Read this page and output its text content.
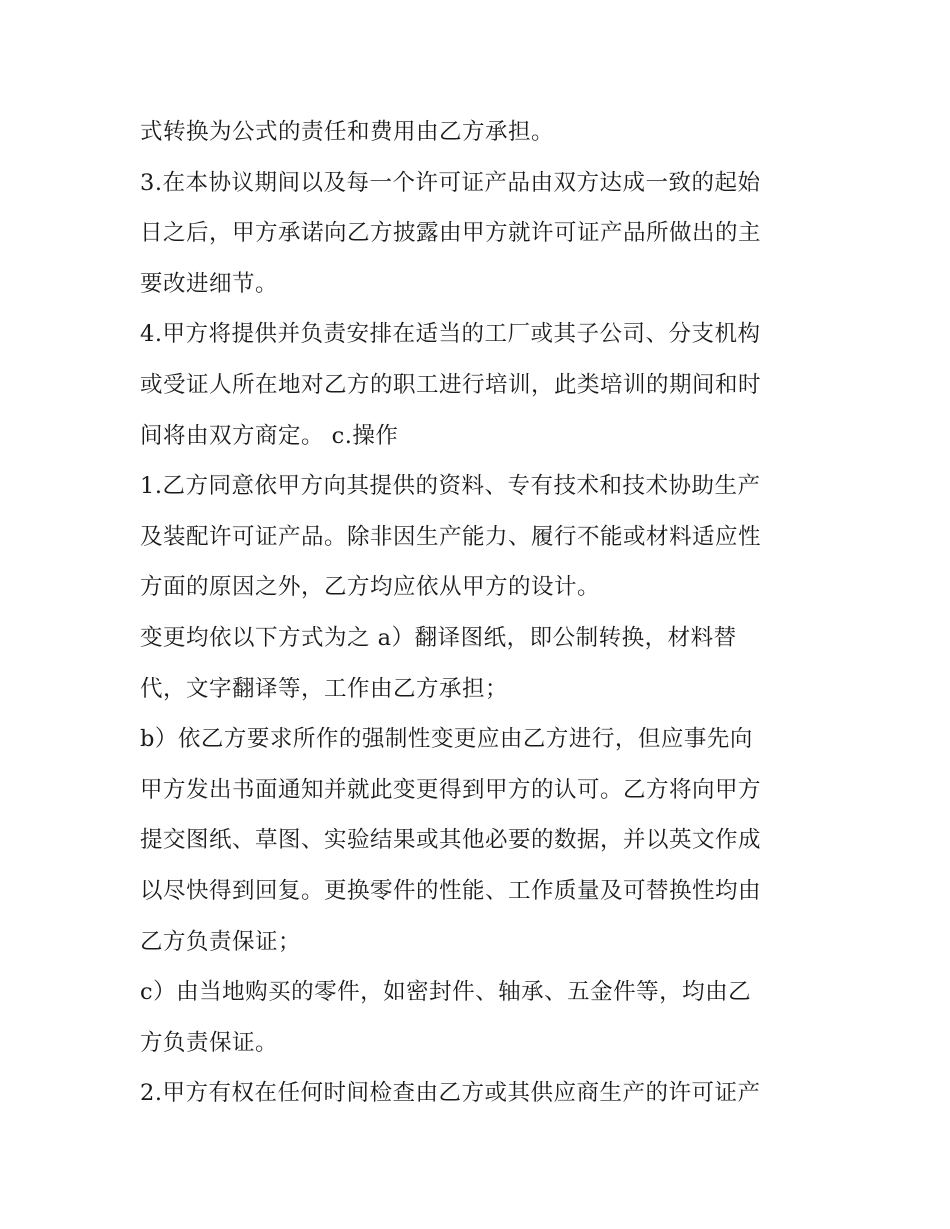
式转换为公式的责任和费用由乙方承担。
3.在本协议期间以及每一个许可证产品由双方达成一致的起始
日之后，甲方承诺向乙方披露由甲方就许可证产品所做出的主
要改进细节。
4.甲方将提供并负责安排在适当的工厂或其子公司、分支机构
或受证人所在地对乙方的职工进行培训，此类培训的期间和时
间将由双方商定。 c.操作
1.乙方同意依甲方向其提供的资料、专有技术和技术协助生产
及装配许可证产品。除非因生产能力、履行不能或材料适应性
方面的原因之外，乙方均应依从甲方的设计。
变更均依以下方式为之 a）翻译图纸，即公制转换，材料替
代，文字翻译等，工作由乙方承担；
b）依乙方要求所作的强制性变更应由乙方进行，但应事先向
甲方发出书面通知并就此变更得到甲方的认可。乙方将向甲方
提交图纸、草图、实验结果或其他必要的数据，并以英文作成
以尽快得到回复。更换零件的性能、工作质量及可替换性均由
乙方负责保证；
c）由当地购买的零件，如密封件、轴承、五金件等，均由乙
方负责保证。
2.甲方有权在任何时间检查由乙方或其供应商生产的许可证产
